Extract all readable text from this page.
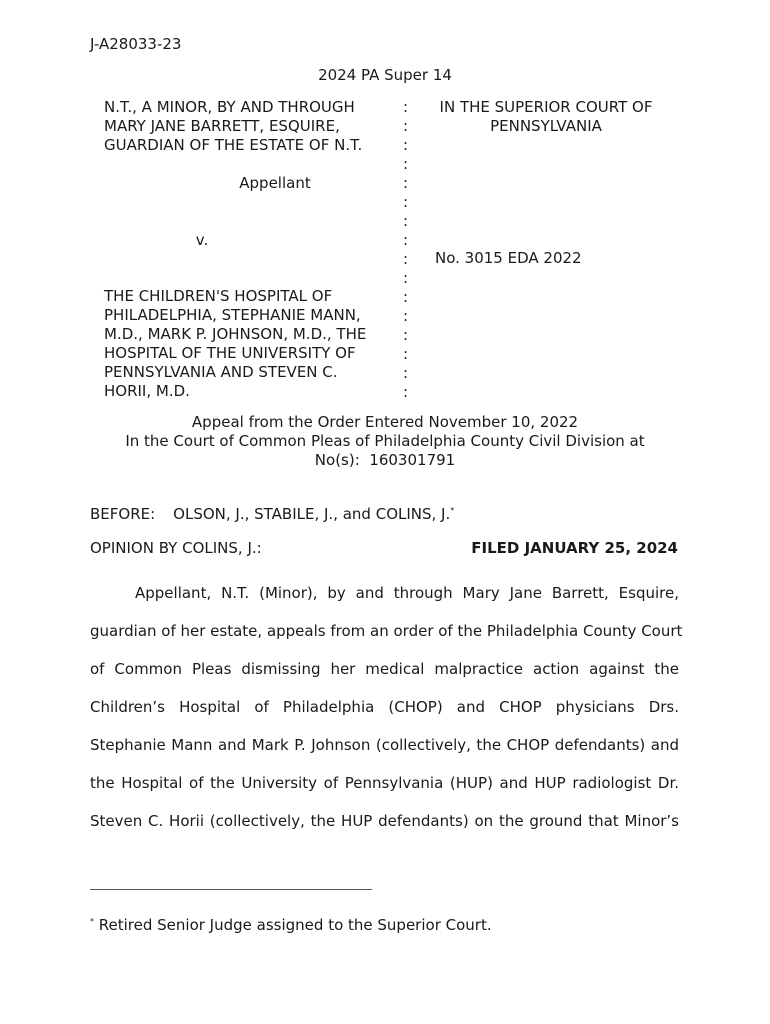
J-A28033-23
2024 PA Super 14
N.T., A MINOR, BY AND THROUGH
MARY JANE BARRETT, ESQUIRE,
GUARDIAN OF THE ESTATE OF N.T.
Appellant
v.
THE CHILDREN'S HOSPITAL OF
PHILADELPHIA, STEPHANIE MANN,
M.D., MARK P. JOHNSON, M.D., THE
HOSPITAL OF THE UNIVERSITY OF
PENNSYLVANIA AND STEVEN C.
HORII, M.D.
:
:
:
:
:
:
:
:
:
:
:
:
:
:
:
:
IN THE SUPERIOR COURT OF
PENNSYLVANIA
No. 3015 EDA 2022
Appeal from the Order Entered November 10, 2022
In the Court of Common Pleas of Philadelphia County Civil Division at
No(s):  160301791
BEFORE: OLSON, J., STABILE, J., and COLINS, J.*
OPINION BY COLINS, J.:	FILED JANUARY 25, 2024
Appellant, N.T. (Minor), by and through Mary Jane Barrett, Esquire,
guardian of her estate, appeals from an order of the Philadelphia County Court
of Common Pleas dismissing her medical malpractice action against the
Children’s Hospital of Philadelphia (CHOP) and CHOP physicians Drs.
Stephanie Mann and Mark P. Johnson (collectively, the CHOP defendants) and
the Hospital of the University of Pennsylvania (HUP) and HUP radiologist Dr.
Steven C. Horii (collectively, the HUP defendants) on the ground that Minor’s
* Retired Senior Judge assigned to the Superior Court.
